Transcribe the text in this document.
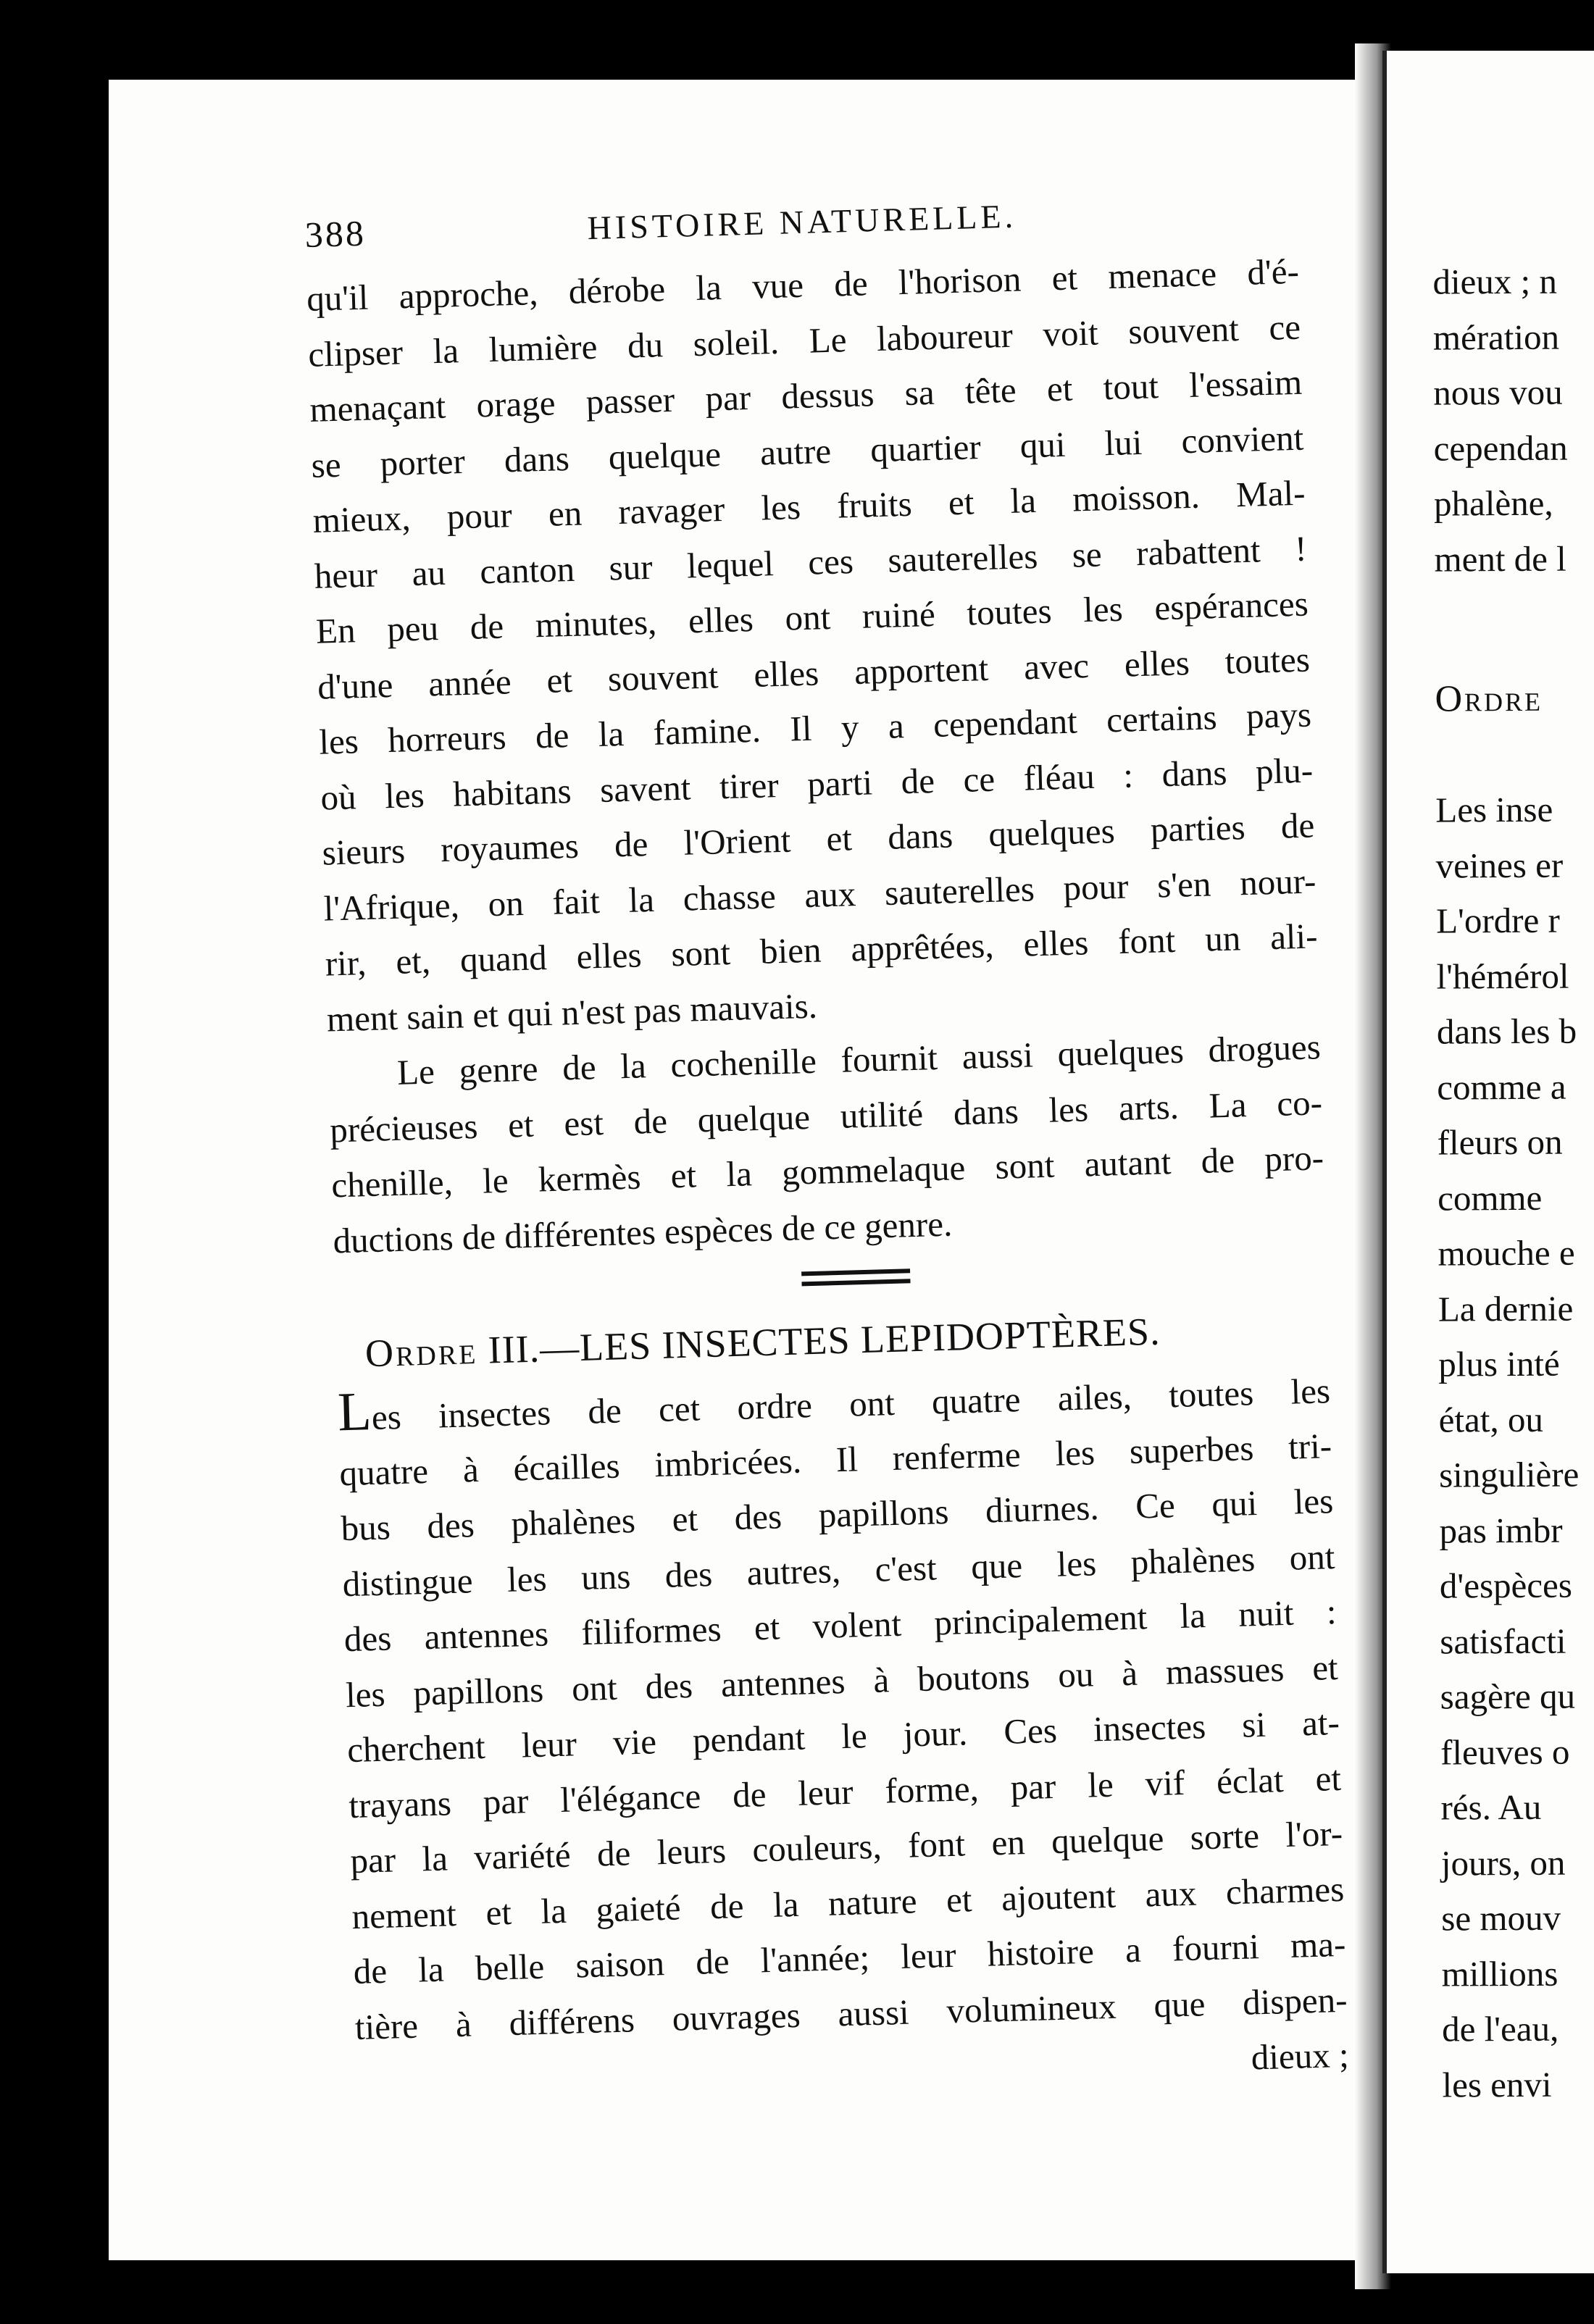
388	HISTOIRE NATURELLE.
qu'il approche, dérobe la vue de l'horison et menace d'é-
clipser la lumière du soleil. Le laboureur voit souvent ce
menaçant orage passer par dessus sa tête et tout l'essaim
se porter dans quelque autre quartier qui lui convient
mieux, pour en ravager les fruits et la moisson. Mal-
heur au canton sur lequel ces sauterelles se rabattent !
En peu de minutes, elles ont ruiné toutes les espérances
d'une année et souvent elles apportent avec elles toutes
les horreurs de la famine. Il y a cependant certains pays
où les habitans savent tirer parti de ce fléau : dans plu-
sieurs royaumes de l'Orient et dans quelques parties de
l'Afrique, on fait la chasse aux sauterelles pour s'en nour-
rir, et, quand elles sont bien apprêtées, elles font un ali-
ment sain et qui n'est pas mauvais.
Le genre de la cochenille fournit aussi quelques drogues
précieuses et est de quelque utilité dans les arts. La co-
chenille, le kermès et la gommelaque sont autant de pro-
ductions de différentes espèces de ce genre.
Ordre III.—LES INSECTES LEPIDOPTÈRES.
Les insectes de cet ordre ont quatre ailes, toutes les
quatre à écailles imbricées. Il renferme les superbes tri-
bus des phalènes et des papillons diurnes. Ce qui les
distingue les uns des autres, c'est que les phalènes ont
des antennes filiformes et volent principalement la nuit :
les papillons ont des antennes à boutons ou à massues et
cherchent leur vie pendant le jour. Ces insectes si at-
trayans par l'élégance de leur forme, par le vif éclat et
par la variété de leurs couleurs, font en quelque sorte l'or-
nement et la gaieté de la nature et ajoutent aux charmes
de la belle saison de l'année; leur histoire a fourni ma-
tière à différens ouvrages aussi volumineux que dispen-
dieux ;
dieux ; n
mération
nous vou
cependan
phalène,
ment de l
Ordre
Les inse
veines er
L'ordre r
l'hémérol
dans les b
comme a
fleurs on
comme
mouche e
La dernie
plus inté
état, ou
singulière
pas imbr
d'espèces
satisfacti
sagère qu
fleuves o
rés. Au
jours, on
se mouv
millions
de l'eau,
les envi
